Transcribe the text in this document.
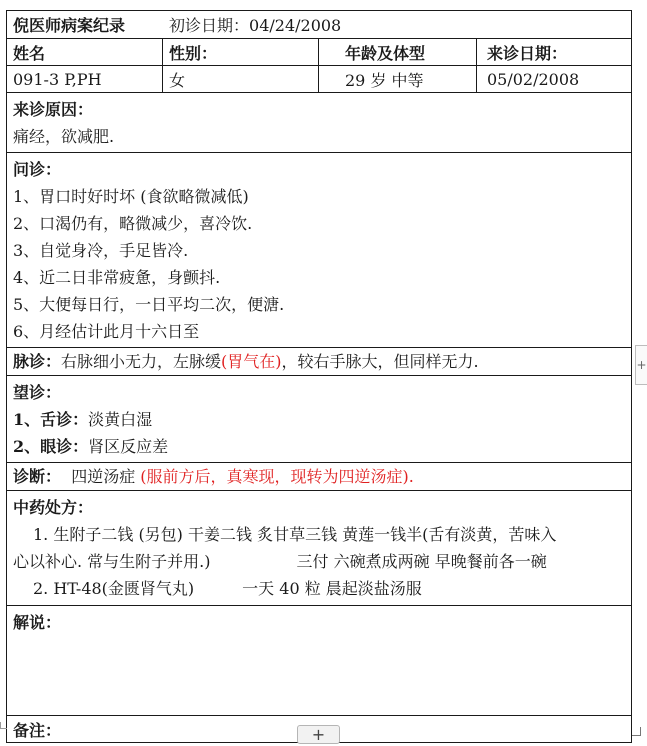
倪医师病案纪录	初诊日期：04/24/2008
姓名	性别：	年龄及体型	来诊日期：
091-3 P,PH	女	29 岁 中等	05/02/2008
来诊原因：
痛经，欲减肥.
问诊：
1、胃口时好时坏 (食欲略微减低)
2、口渴仍有，略微减少，喜冷饮.
3、自觉身冷，手足皆冷.
4、近二日非常疲惫，身颤抖.
5、大便每日行，一日平均二次，便溏.
6、月经估计此月十六日至
脉诊：右脉细小无力，左脉缓(胃气在)，较右手脉大，但同样无力.
望诊：
1、舌诊：淡黄白湿
2、眼诊：肾区反应差
诊断： 四逆汤症 (服前方后，真寒现，现转为四逆汤症).
中药处方：
1. 生附子二钱 (另包) 干姜二钱 炙甘草三钱 黄莲一钱半(舌有淡黄，苦味入
心以补心. 常与生附子并用.)	三付 六碗煮成两碗 早晚餐前各一碗
2. HT-48(金匮肾气丸)	一天 40 粒 晨起淡盐汤服
解说：
备注：
+
+
